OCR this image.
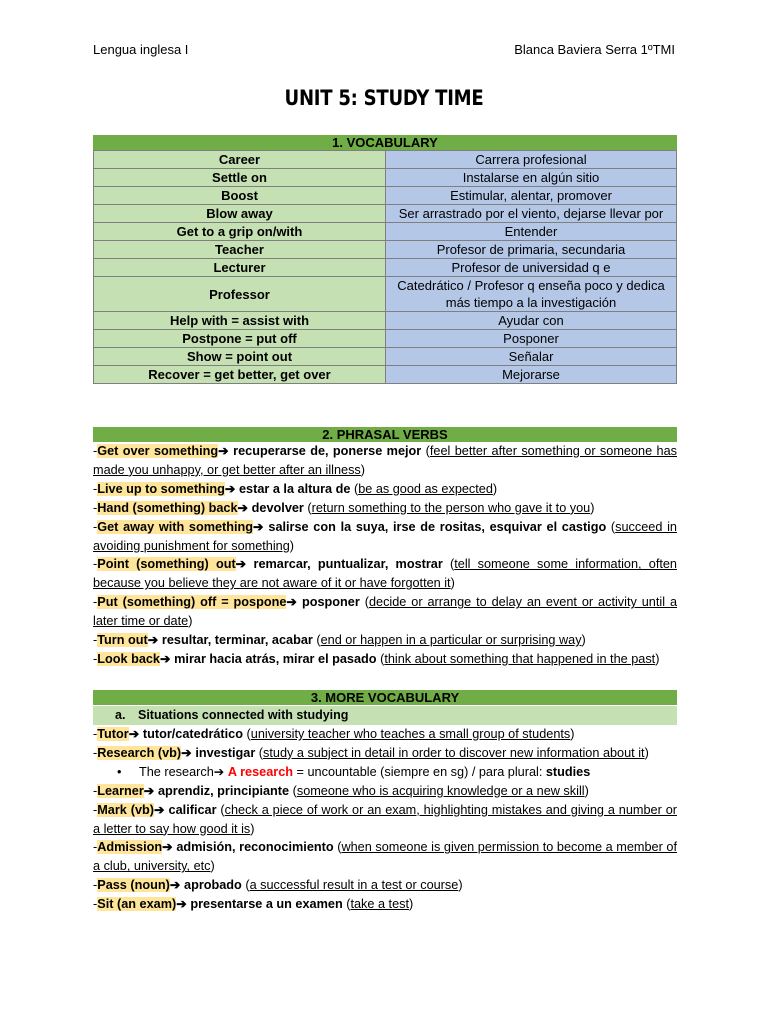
Lengua inglesa I	Blanca Baviera Serra 1ºTMI
UNIT 5: STUDY TIME
1. VOCABULARY
Career	Carrera profesional
Settle on	Instalarse en algún sitio
Boost	Estimular, alentar, promover
Blow away	Ser arrastrado por el viento, dejarse llevar por
Get to a grip on/with	Entender
Teacher	Profesor de primaria, secundaria
Lecturer	Profesor de universidad q e
Professor	Catedrático / Profesor q enseña poco y dedica más tiempo a la investigación
Help with = assist with	Ayudar con
Postpone = put off	Posponer
Show = point out	Señalar
Recover = get better, get over	Mejorarse
2. PHRASAL VERBS
-Get over something➔ recuperarse de, ponerse mejor (feel better after something or someone has made you unhappy, or get better after an illness)
-Live up to something➔ estar a la altura de (be as good as expected)
-Hand (something) back➔ devolver (return something to the person who gave it to you)
-Get away with something➔ salirse con la suya, irse de rositas, esquivar el castigo (succeed in avoiding punishment for something)
-Point (something) out➔ remarcar, puntualizar, mostrar (tell someone some information, often because you believe they are not aware of it or have forgotten it)
-Put (something) off = pospone➔ posponer (decide or arrange to delay an event or activity until a later time or date)
-Turn out➔ resultar, terminar, acabar (end or happen in a particular or surprising way)
-Look back➔ mirar hacia atrás, mirar el pasado (think about something that happened in the past)
3. MORE VOCABULARY
a. Situations connected with studying
-Tutor➔ tutor/catedrático (university teacher who teaches a small group of students)
-Research (vb)➔ investigar (study a subject in detail in order to discover new information about it)
• The research➔ A research = uncountable (siempre en sg) / para plural: studies
-Learner➔ aprendiz, principiante (someone who is acquiring knowledge or a new skill)
-Mark (vb)➔ calificar (check a piece of work or an exam, highlighting mistakes and giving a number or a letter to say how good it is)
-Admission➔ admisión, reconocimiento (when someone is given permission to become a member of a club, university, etc)
-Pass (noun)➔ aprobado (a successful result in a test or course)
-Sit (an exam)➔ presentarse a un examen (take a test)
